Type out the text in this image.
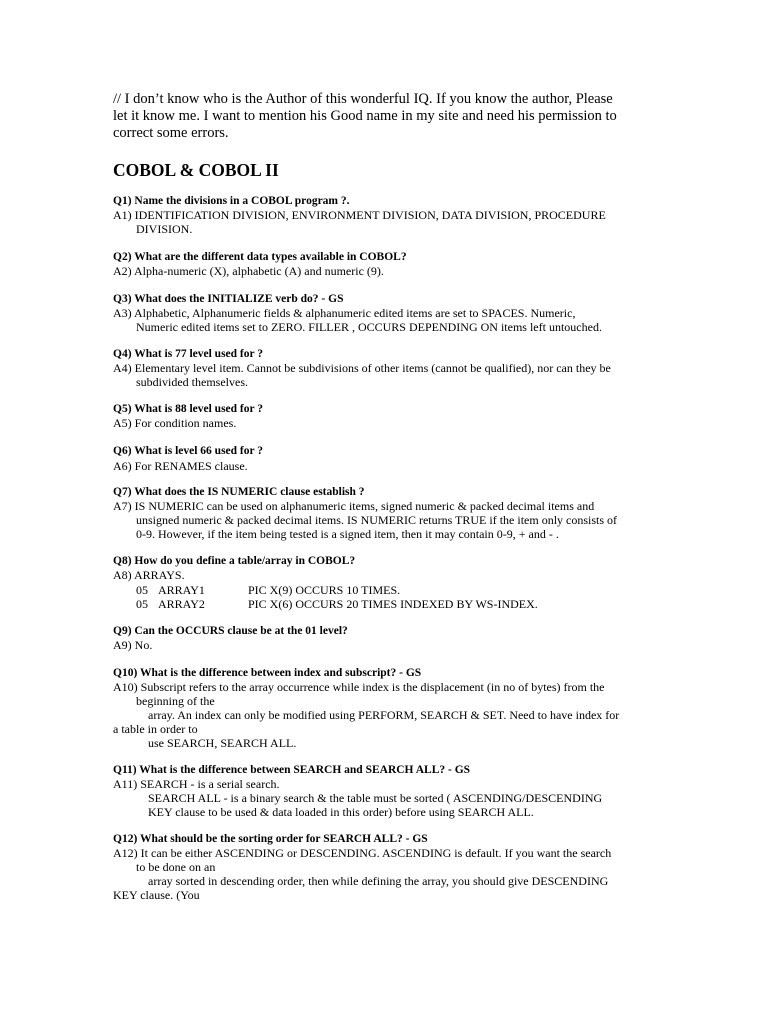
// I don’t know who is the Author of this wonderful IQ. If you know the author, Please
let it know me. I want to mention his Good name in my site and need his permission to
correct some errors.
COBOL & COBOL II
Q1) Name the divisions in a COBOL program ?.
A1) IDENTIFICATION DIVISION, ENVIRONMENT DIVISION, DATA DIVISION, PROCEDURE
DIVISION.
Q2) What are the different data types available in COBOL?
A2) Alpha-numeric (X), alphabetic (A) and numeric (9).
Q3) What does the INITIALIZE verb do? - GS
A3) Alphabetic, Alphanumeric fields & alphanumeric edited items are set to SPACES. Numeric,
Numeric edited items set to ZERO. FILLER , OCCURS DEPENDING ON items left untouched.
Q4) What is 77 level used for ?
A4) Elementary level item. Cannot be subdivisions of other items (cannot be qualified), nor can they be
subdivided themselves.
Q5) What is 88 level used for ?
A5) For condition names.
Q6) What is level 66 used for ?
A6) For RENAMES clause.
Q7) What does the IS NUMERIC clause establish ?
A7) IS NUMERIC can be used on alphanumeric items, signed numeric & packed decimal items and
unsigned numeric & packed decimal items. IS NUMERIC returns TRUE if the item only consists of
0-9. However, if the item being tested is a signed item, then it may contain 0-9, + and - .
Q8) How do you define a table/array in COBOL?
A8) ARRAYS.
05 ARRAY1	PIC X(9) OCCURS 10 TIMES.
05 ARRAY2	PIC X(6) OCCURS 20 TIMES INDEXED BY WS-INDEX.
Q9) Can the OCCURS clause be at the 01 level?
A9) No.
Q10) What is the difference between index and subscript? - GS
A10) Subscript refers to the array occurrence while index is the displacement (in no of bytes) from the
beginning of the
array. An index can only be modified using PERFORM, SEARCH & SET. Need to have index for
a table in order to
use SEARCH, SEARCH ALL.
Q11) What is the difference between SEARCH and SEARCH ALL? - GS
A11) SEARCH - is a serial search.
SEARCH ALL - is a binary search & the table must be sorted ( ASCENDING/DESCENDING
KEY clause to be used & data loaded in this order) before using SEARCH ALL.
Q12) What should be the sorting order for SEARCH ALL? - GS
A12) It can be either ASCENDING or DESCENDING. ASCENDING is default. If you want the search
to be done on an
array sorted in descending order, then while defining the array, you should give DESCENDING
KEY clause. (You
